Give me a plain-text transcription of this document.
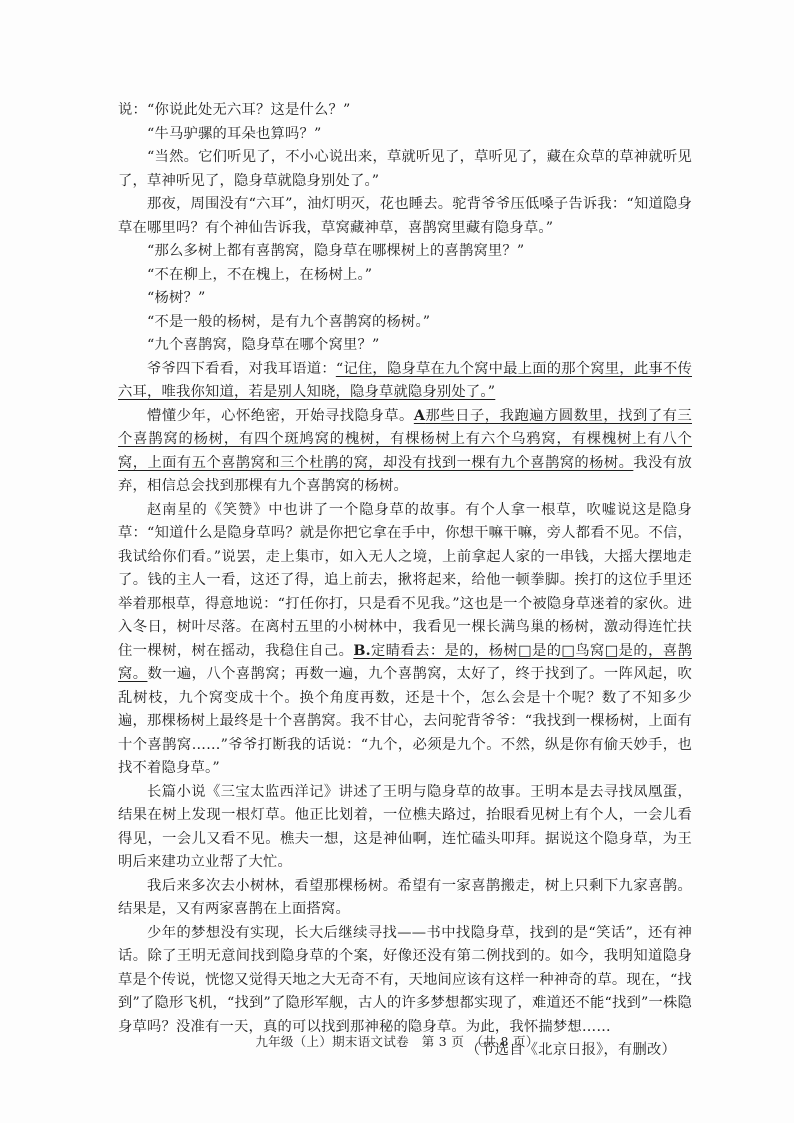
说：“你说此处无六耳？这是什么？”

“牛马驴骡的耳朵也算吗？”

“当然。它们听见了，不小心说出来，草就听见了，草听见了，藏在众草的草神就听见了，草神听见了，隐身草就隐身别处了。”

那夜，周围没有“六耳”，油灯明灭，花也睡去。驼背爷爷压低嗓子告诉我：“知道隐身草在哪里吗？有个神仙告诉我，草窝藏神草，喜鹊窝里藏有隐身草。”

“那么多树上都有喜鹊窝，隐身草在哪棵树上的喜鹊窝里？”

“不在柳上，不在槐上，在杨树上。”

“杨树？”

“不是一般的杨树，是有九个喜鹊窝的杨树。”

“九个喜鹊窝，隐身草在哪个窝里？”

爷爷四下看看，对我耳语道：“记住，隐身草在九个窝中最上面的那个窝里，此事不传六耳，唯我你知道，若是别人知晓，隐身草就隐身别处了。”

懵懂少年，心怀绝密，开始寻找隐身草。A那些日子，我跑遍方圆数里，找到了有三个喜鹊窝的杨树，有四个斑鸠窝的槐树，有棵杨树上有六个乌鸦窝，有棵槐树上有八个窝，上面有五个喜鹊窝和三个杜鹃的窝，却没有找到一棵有九个喜鹊窝的杨树。我没有放弃，相信总会找到那棵有九个喜鹊窝的杨树。

赵南星的《笑赞》中也讲了一个隐身草的故事。有个人拿一根草，吹嘘说这是隐身草：“知道什么是隐身草吗？就是你把它拿在手中，你想干嘛干嘛，旁人都看不见。不信，我试给你们看。”说罢，走上集市，如入无人之境，上前拿起人家的一串钱，大摇大摆地走了。钱的主人一看，这还了得，追上前去，揪将起来，给他一顿拳脚。挨打的这位手里还举着那根草，得意地说：“打任你打，只是看不见我。”这也是一个被隐身草迷着的家伙。进入冬日，树叶尽落。在离村五里的小树林中，我看见一棵长满鸟巢的杨树，激动得连忙扶住一棵树，树在摇动，我稳住自己。B.定睛看去：是的，杨树□是的□鸟窝□是的，喜鹊窝。数一遍，八个喜鹊窝；再数一遍，九个喜鹊窝，太好了，终于找到了。一阵风起，吹乱树枝，九个窝变成十个。换个角度再数，还是十个，怎么会是十个呢？数了不知多少遍，那棵杨树上最终是十个喜鹊窝。我不甘心，去问驼背爷爷：“我找到一棵杨树，上面有十个喜鹊窝……”爷爷打断我的话说：“九个，必须是九个。不然，纵是你有偷天妙手，也找不着隐身草。”

长篇小说《三宝太监西洋记》讲述了王明与隐身草的故事。王明本是去寻找凤凰蛋，结果在树上发现一根灯草。他正比划着，一位樵夫路过，抬眼看见树上有个人，一会儿看得见，一会儿又看不见。樵夫一想，这是神仙啊，连忙磕头叩拜。据说这个隐身草，为王明后来建功立业帮了大忙。

我后来多次去小树林，看望那棵杨树。希望有一家喜鹊搬走，树上只剩下九家喜鹊。结果是，又有两家喜鹊在上面搭窝。

少年的梦想没有实现，长大后继续寻找——书中找隐身草，找到的是“笑话”，还有神话。除了王明无意间找到隐身草的个案，好像还没有第二例找到的。如今，我明知道隐身草是个传说，恍惚又觉得天地之大无奇不有，天地间应该有这样一种神奇的草。现在，“找到”了隐形飞机，“找到”了隐形军舰，古人的许多梦想都实现了，难道还不能“找到”一株隐身草吗？没准有一天，真的可以找到那神秘的隐身草。为此，我怀揣梦想……

（节选自《北京日报》，有删改）

九年级（上）期末语文试卷　第 3 页　（共 8 页）
